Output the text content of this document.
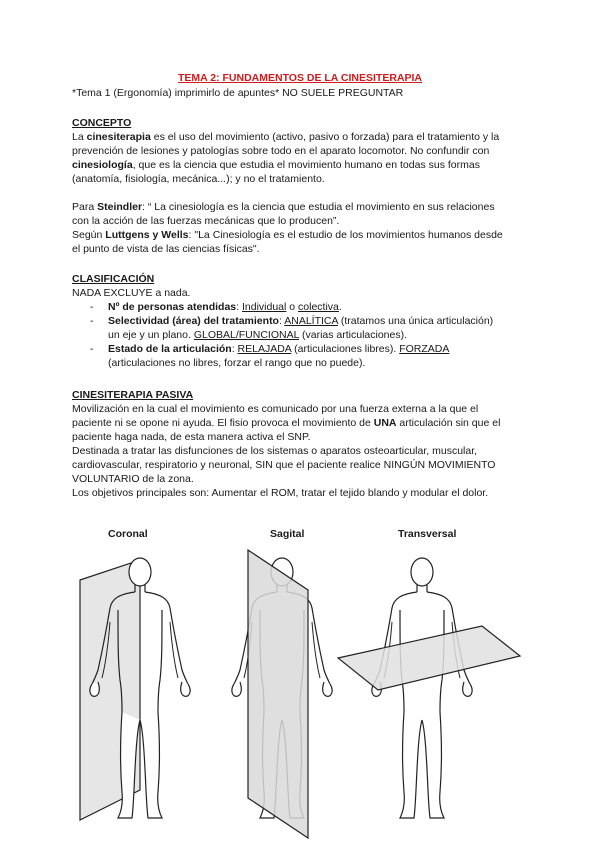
TEMA 2: FUNDAMENTOS DE LA CINESITERAPIA
*Tema 1 (Ergonomía) imprimirlo de apuntes* NO SUELE PREGUNTAR
CONCEPTO
La cinesiterapia es el uso del movimiento (activo, pasivo o forzada) para el tratamiento y la
prevención de lesiones y patologías sobre todo en el aparato locomotor. No confundir con
cinesiología, que es la ciencia que estudia el movimiento humano en todas sus formas
(anatomía, fisiología, mecánica...); y no el tratamiento.
Para Steindler: “ La cinesiología es la ciencia que estudia el movimiento en sus relaciones
con la acción de las fuerzas mecánicas que lo producen”.
Según Luttgens y Wells: "La Cinesiología es el estudio de los movimientos humanos desde
el punto de vista de las ciencias físicas".
CLASIFICACIÓN
NADA EXCLUYE a nada.
- Nº de personas atendidas: Individual o colectiva.
- Selectividad (área) del tratamiento: ANALÍTICA (tratamos una única articulación)
un eje y un plano. GLOBAL/FUNCIONAL (varias articulaciones).
- Estado de la articulación: RELAJADA (articulaciones libres). FORZADA
(articulaciones no libres, forzar el rango que no puede).
CINESITERAPIA PASIVA
Movilización en la cual el movimiento es comunicado por una fuerza externa a la que el
paciente ni se opone ni ayuda. El fisio provoca el movimiento de UNA articulación sin que el
paciente haga nada, de esta manera activa el SNP.
Destinada a tratar las disfunciones de los sistemas o aparatos osteoarticular, muscular,
cardiovascular, respiratorio y neuronal, SIN que el paciente realice NINGÚN MOVIMIENTO
VOLUNTARIO de la zona.
Los objetivos principales son: Aumentar el ROM, tratar el tejido blando y modular el dolor.
Coronal	Sagital	Transversal
